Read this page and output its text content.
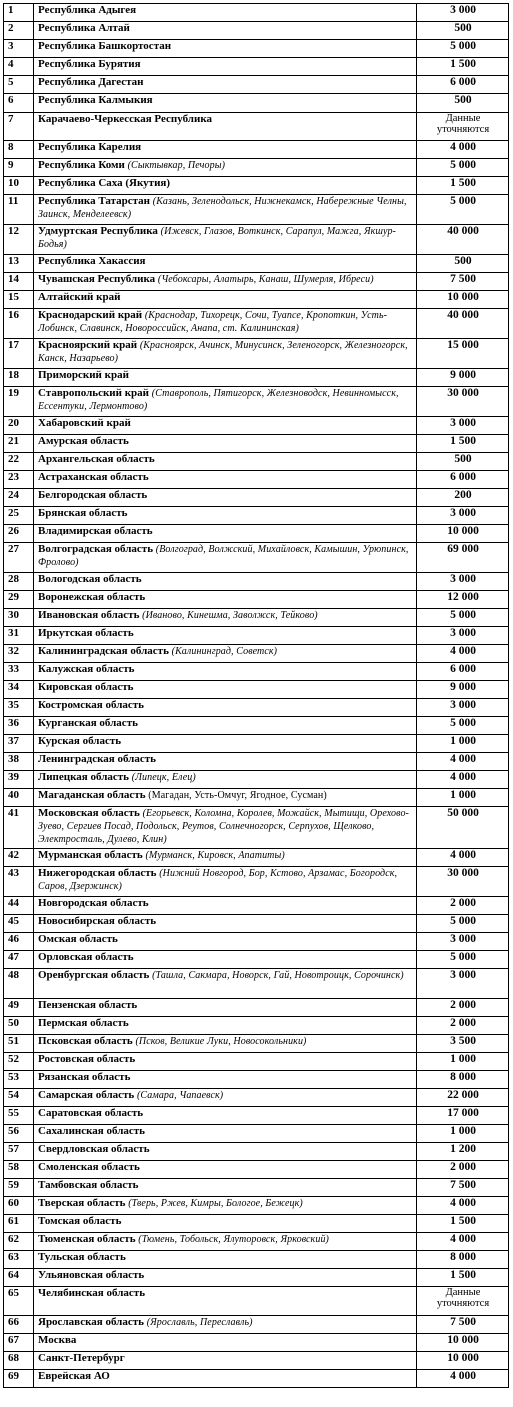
1	Республика Адыгея	3 000
2	Республика Алтай	500
3	Республика Башкортостан	5 000
4	Республика Бурятия	1 500
5	Республика Дагестан	6 000
6	Республика Калмыкия	500
7	Карачаево-Черкесская Республика	Данные уточняются
8	Республика Карелия	4 000
9	Республика Коми (Сыктывкар, Печоры)	5 000
10	Республика Саха (Якутия)	1 500
11	Республика Татарстан (Казань, Зеленодольск, Нижнекамск, Набережные Челны, Заинск, Менделеевск)	5 000
12	Удмуртская Республика (Ижевск, Глазов, Воткинск, Сарапул, Мажга, Якшур-Бодья)	40 000
13	Республика Хакассия	500
14	Чувашская Республика (Чебоксары, Алатырь, Канаш, Шумерля, Ибреси)	7 500
15	Алтайский край	10 000
16	Краснодарский край (Краснодар, Тихорецк, Сочи, Туапсе, Кропоткин, Усть-Лобинск, Славинск, Новороссийск, Анапа, ст. Калининская)	40 000
17	Красноярский край (Красноярск, Ачинск, Минусинск, Зеленогорск, Железногорск, Канск, Назарьево)	15 000
18	Приморский край	9 000
19	Ставропольский край (Ставрополь, Пятигорск, Железноводск, Невинномысск, Ессентуки, Лермонтово)	30 000
20	Хабаровский край	3 000
21	Амурская область	1 500
22	Архангельская область	500
23	Астраханская область	6 000
24	Белгородская область	200
25	Брянская область	3 000
26	Владимирская область	10 000
27	Волгоградская область (Волгоград, Волжский, Михайловск, Камышин, Урюпинск, Фролово)	69 000
28	Вологодская область	3 000
29	Воронежская область	12 000
30	Ивановская область (Иваново, Кинешма, Заволжск, Тейково)	5 000
31	Иркутская область	3 000
32	Калининградская область (Калининград, Советск)	4 000
33	Калужская область	6 000
34	Кировская область	9 000
35	Костромская область	3 000
36	Курганская область	5 000
37	Курская область	1 000
38	Ленинградская область	4 000
39	Липецкая область (Липецк, Елец)	4 000
40	Магаданская область (Магадан, Усть-Омчуг, Ягодное, Сусман)	1 000
41	Московская область (Егорьевск, Коломна, Королев, Можайск, Мытищи, Орехово-Зуево, Сергиев Посад, Подольск, Реутов, Солнечногорск, Серпухов, Щелково, Электросталь, Дулево, Клин)	50 000
42	Мурманская область (Мурманск, Кировск, Апатиты)	4 000
43	Нижегородская область (Нижний Новгород, Бор, Кстово, Арзамас, Богородск, Саров, Дзержинск)	30 000
44	Новгородская область	2 000
45	Новосибирская область	5 000
46	Омская область	3 000
47	Орловская область	5 000
48	Оренбургская область (Ташла, Сакмара, Новорск, Гай, Новотроицк, Сорочинск)	3 000
49	Пензенская область	2 000
50	Пермская область	2 000
51	Псковская область (Псков, Великие Луки, Новосокольники)	3 500
52	Ростовская область	1 000
53	Рязанская область	8 000
54	Самарская область (Самара, Чапаевск)	22 000
55	Саратовская область	17 000
56	Сахалинская область	1 000
57	Свердловская область	1 200
58	Смоленская область	2 000
59	Тамбовская область	7 500
60	Тверская область (Тверь, Ржев, Кимры, Бологое, Бежецк)	4 000
61	Томская область	1 500
62	Тюменская область (Тюмень, Тобольск, Ялуторовск, Ярковский)	4 000
63	Тульская область	8 000
64	Ульяновская область	1 500
65	Челябинская область	Данные уточняются
66	Ярославская область (Ярославль, Переславль)	7 500
67	Москва	10 000
68	Санкт-Петербург	10 000
69	Еврейская АО	4 000
